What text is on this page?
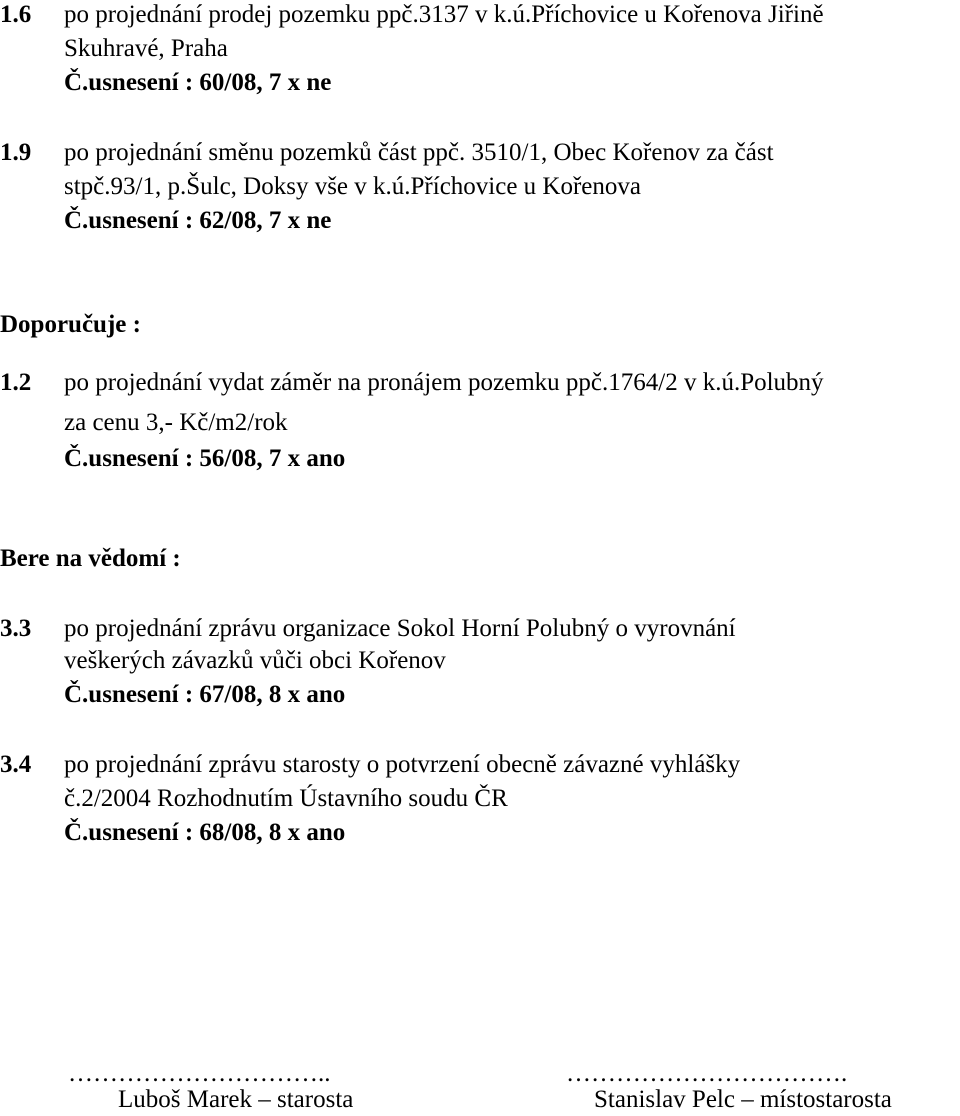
1.6	po projednání prodej pozemku ppč.3137 v k.ú.Příchovice u Kořenova Jiřině
Skuhravé, Praha
Č.usnesení : 60/08, 7 x ne
1.9	po projednání směnu pozemků část ppč. 3510/1, Obec Kořenov za část
stpč.93/1, p.Šulc, Doksy vše v k.ú.Příchovice u Kořenova
Č.usnesení : 62/08, 7 x ne
Doporučuje :
1.2	po projednání vydat záměr na pronájem pozemku ppč.1764/2 v k.ú.Polubný
za cenu 3,- Kč/m2/rok
Č.usnesení : 56/08, 7 x ano
Bere na vědomí :
3.3	po projednání zprávu organizace Sokol Horní Polubný o vyrovnání
veškerých závazků vůči obci Kořenov
Č.usnesení : 67/08, 8 x ano
3.4	po projednání zprávu starosty o potvrzení obecně závazné vyhlášky
č.2/2004 Rozhodnutím Ústavního soudu ČR
Č.usnesení : 68/08, 8 x ano
…………………………..
Luboš Marek – starosta
…………………………….
Stanislav Pelc – místostarosta
